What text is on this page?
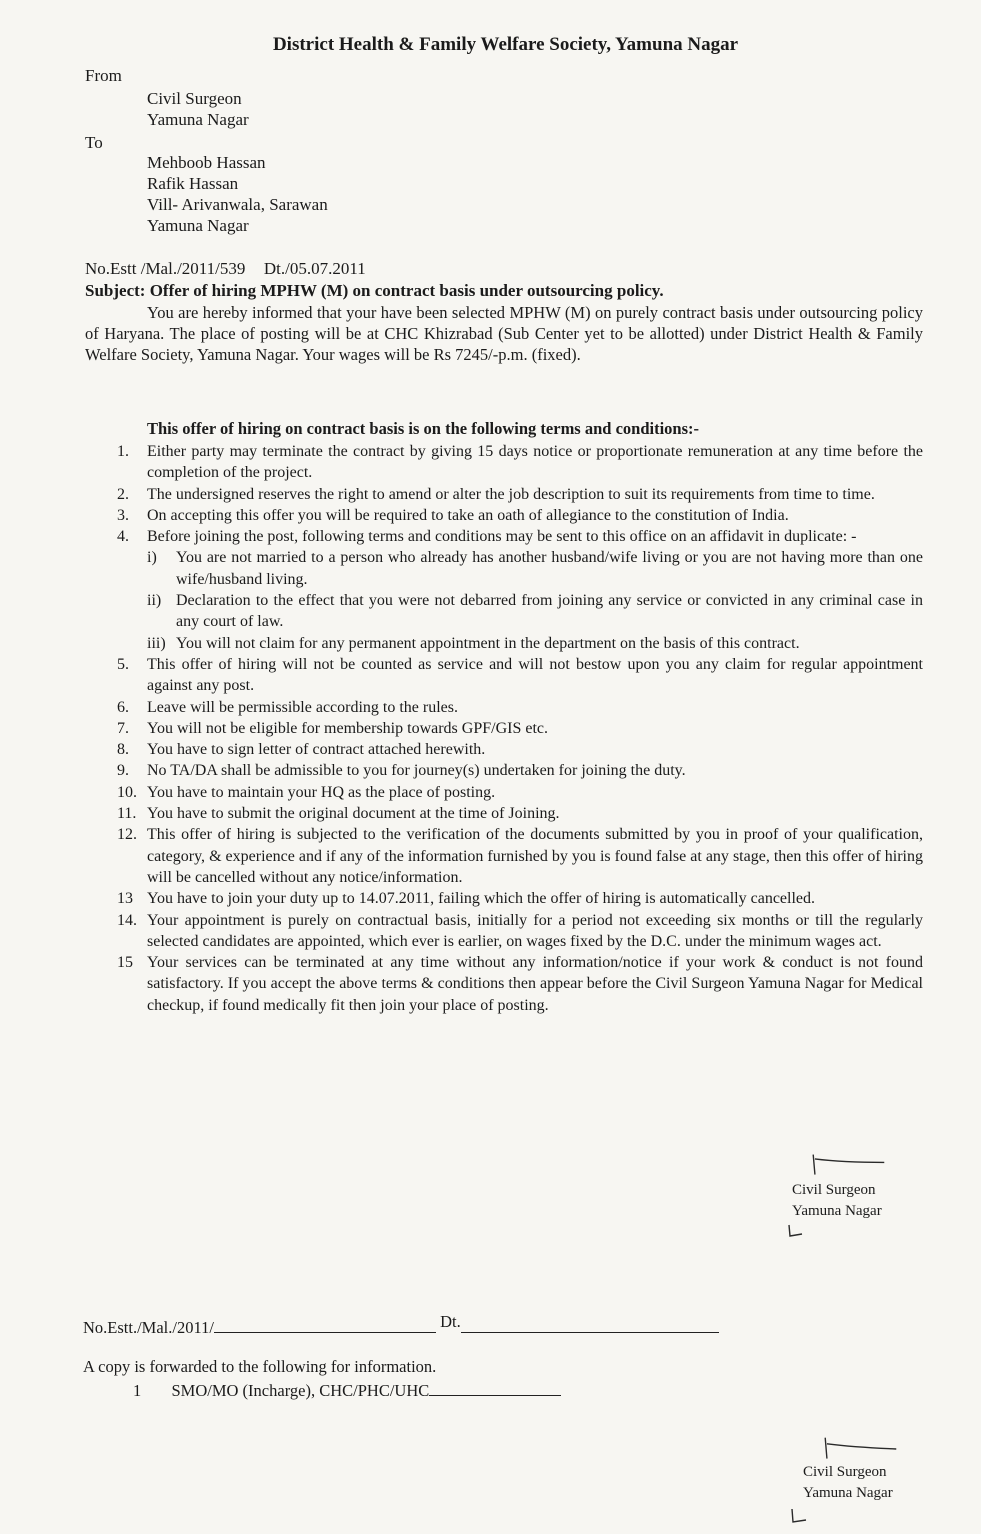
District Health & Family Welfare Society, Yamuna Nagar
From
Civil Surgeon
Yamuna Nagar
To
Mehboob Hassan
Rafik Hassan
Vill- Arivanwala, Sarawan
Yamuna Nagar
No.Estt /Mal./2011/539 Dt./05.07.2011
Subject: Offer of hiring MPHW (M) on contract basis under outsourcing policy.
You are hereby informed that your have been selected MPHW (M) on purely contract basis under outsourcing policy of Haryana. The place of posting will be at CHC Khizrabad (Sub Center yet to be allotted) under District Health & Family Welfare Society, Yamuna Nagar. Your wages will be Rs 7245/-p.m. (fixed).
This offer of hiring on contract basis is on the following terms and conditions:-
1.	Either party may terminate the contract by giving 15 days notice or proportionate remuneration at any time before the completion of the project.
2.	The undersigned reserves the right to amend or alter the job description to suit its requirements from time to time.
3.	On accepting this offer you will be required to take an oath of allegiance to the constitution of India.
4.	Before joining the post, following terms and conditions may be sent to this office on an affidavit in duplicate: -
i) You are not married to a person who already has another husband/wife living or you are not having more than one wife/husband living.
ii) Declaration to the effect that you were not debarred from joining any service or convicted in any criminal case in any court of law.
iii) You will not claim for any permanent appointment in the department on the basis of this contract.
5.	This offer of hiring will not be counted as service and will not bestow upon you any claim for regular appointment against any post.
6.	Leave will be permissible according to the rules.
7.	You will not be eligible for membership towards GPF/GIS etc.
8.	You have to sign letter of contract attached herewith.
9.	No TA/DA shall be admissible to you for journey(s) undertaken for joining the duty.
10. You have to maintain your HQ as the place of posting.
11. You have to submit the original document at the time of Joining.
12. This offer of hiring is subjected to the verification of the documents submitted by you in proof of your qualification, category, & experience and if any of the information furnished by you is found false at any stage, then this offer of hiring will be cancelled without any notice/information.
13 You have to join your duty up to 14.07.2011, failing which the offer of hiring is automatically cancelled.
14. Your appointment is purely on contractual basis, initially for a period not exceeding six months or till the regularly selected candidates are appointed, which ever is earlier, on wages fixed by the D.C. under the minimum wages act.
15 Your services can be terminated at any time without any information/notice if your work & conduct is not found satisfactory. If you accept the above terms & conditions then appear before the Civil Surgeon Yamuna Nagar for Medical checkup, if found medically fit then join your place of posting.
Civil Surgeon
Yamuna Nagar
No.Estt./Mal./2011/	Dt.
A copy is forwarded to the following for information.
1 SMO/MO (Incharge), CHC/PHC/UHC
Civil Surgeon
Yamuna Nagar
